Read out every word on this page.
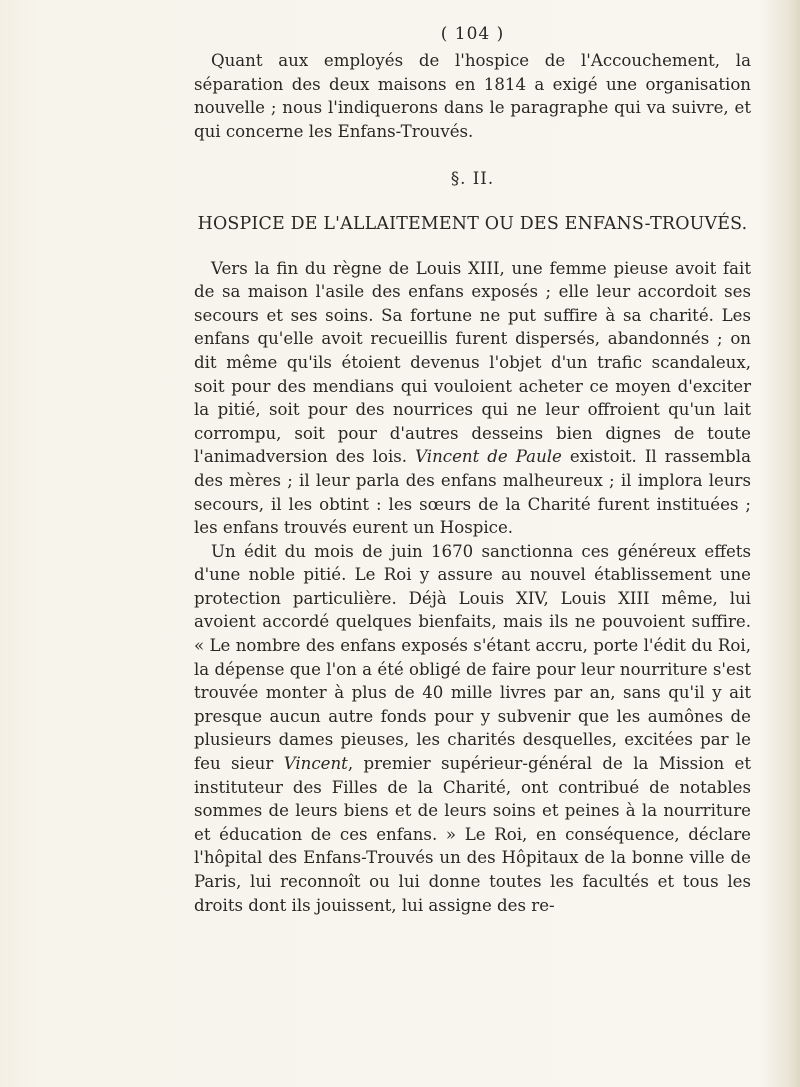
( 104 )

Quant aux employés de l'hospice de l'Accouchement, la séparation des deux maisons en 1814 a exigé une organisation nouvelle ; nous l'indiquerons dans le paragraphe qui va suivre, et qui concerne les Enfans-Trouvés.

§. II.
HOSPICE DE L'ALLAITEMENT OU DES ENFANS-TROUVÉS.

Vers la fin du règne de Louis XIII, une femme pieuse avoit fait de sa maison l'asile des enfans exposés ; elle leur accordoit ses secours et ses soins. Sa fortune ne put suffire à sa charité. Les enfans qu'elle avoit recueillis furent dispersés, abandonnés ; on dit même qu'ils étoient devenus l'objet d'un trafic scandaleux, soit pour des mendians qui vouloient acheter ce moyen d'exciter la pitié, soit pour des nourrices qui ne leur offroient qu'un lait corrompu, soit pour d'autres desseins bien dignes de toute l'animadversion des lois. Vincent de Paule existoit. Il rassembla des mères ; il leur parla des enfans malheureux ; il implora leurs secours, il les obtint : les sœurs de la Charité furent instituées ; les enfans trouvés eurent un Hospice.

Un édit du mois de juin 1670 sanctionna ces généreux effets d'une noble pitié. Le Roi y assure au nouvel établissement une protection particulière. Déjà Louis XIV, Louis XIII même, lui avoient accordé quelques bienfaits, mais ils ne pouvoient suffire. « Le nombre des enfans exposés s'étant accru, porte l'édit du Roi, la dépense que l'on a été obligé de faire pour leur nourriture s'est trouvée monter à plus de 40 mille livres par an, sans qu'il y ait presque aucun autre fonds pour y subvenir que les aumônes de plusieurs dames pieuses, les charités desquelles, excitées par le feu sieur Vincent, premier supérieur-général de la Mission et instituteur des Filles de la Charité, ont contribué de notables sommes de leurs biens et de leurs soins et peines à la nourriture et éducation de ces enfans. » Le Roi, en conséquence, déclare l'hôpital des Enfans-Trouvés un des Hôpitaux de la bonne ville de Paris, lui reconnoît ou lui donne toutes les facultés et tous les droits dont ils jouissent, lui assigne des re-
